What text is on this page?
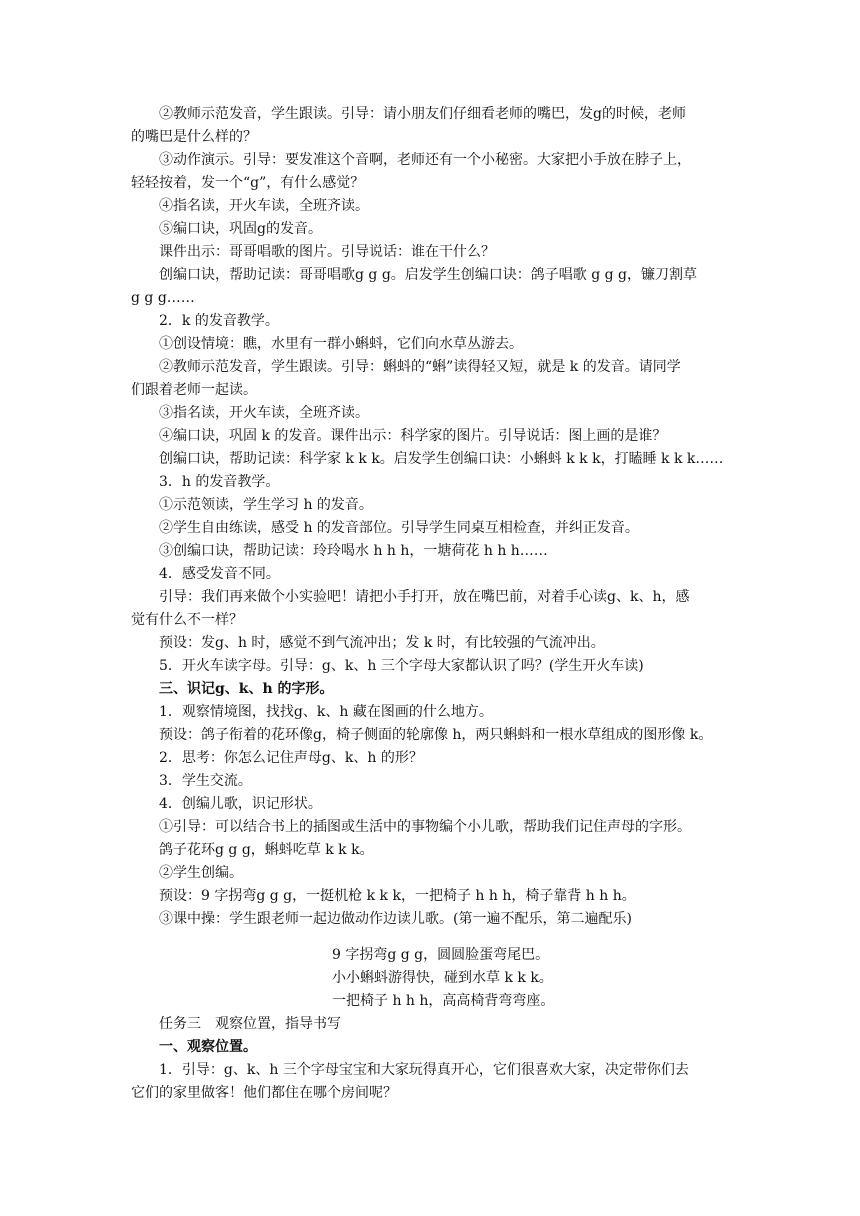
②教师示范发音，学生跟读。引导：请小朋友们仔细看老师的嘴巴，发g的时候，老师
的嘴巴是什么样的？
③动作演示。引导：要发准这个音啊，老师还有一个小秘密。大家把小手放在脖子上，
轻轻按着，发一个“g”，有什么感觉？
④指名读，开火车读，全班齐读。
⑤编口诀，巩固g的发音。
课件出示：哥哥唱歌的图片。引导说话：谁在干什么？
创编口诀，帮助记读：哥哥唱歌g g g。启发学生创编口诀：鸽子唱歌 g g g，镰刀割草
g g g……
2．k 的发音教学。
①创设情境：瞧，水里有一群小蝌蚪，它们向水草丛游去。
②教师示范发音，学生跟读。引导：蝌蚪的“蝌”读得轻又短，就是 k 的发音。请同学
们跟着老师一起读。
③指名读，开火车读，全班齐读。
④编口诀，巩固 k 的发音。课件出示：科学家的图片。引导说话：图上画的是谁？
创编口诀，帮助记读：科学家 k k k。启发学生创编口诀：小蝌蚪 k k k，打瞌睡 k k k……
3．h 的发音教学。
①示范领读，学生学习 h 的发音。
②学生自由练读，感受 h 的发音部位。引导学生同桌互相检查，并纠正发音。
③创编口诀，帮助记读：玲玲喝水 h h h，一塘荷花 h h h……
4．感受发音不同。
引导：我们再来做个小实验吧！请把小手打开，放在嘴巴前，对着手心读g、k、h，感
觉有什么不一样？
预设：发g、h 时，感觉不到气流冲出；发 k 时，有比较强的气流冲出。
5．开火车读字母。引导：g、k、h 三个字母大家都认识了吗？(学生开火车读)
三、识记g、k、h 的字形。
1．观察情境图，找找g、k、h 藏在图画的什么地方。
预设：鸽子衔着的花环像g，椅子侧面的轮廓像 h，两只蝌蚪和一根水草组成的图形像 k。
2．思考：你怎么记住声母g、k、h 的形？
3．学生交流。
4．创编儿歌，识记形状。
①引导：可以结合书上的插图或生活中的事物编个小儿歌，帮助我们记住声母的字形。
鸽子花环g g g，蝌蚪吃草 k k k。
②学生创编。
预设：9 字拐弯g g g，一挺机枪 k k k，一把椅子 h h h，椅子靠背 h h h。
③课中操：学生跟老师一起边做动作边读儿歌。(第一遍不配乐，第二遍配乐)
9 字拐弯g g g，圆圆脸蛋弯尾巴。
小小蝌蚪游得快，碰到水草 k k k。
一把椅子 h h h，高高椅背弯弯座。
任务三　观察位置，指导书写
一、观察位置。
1．引导：g、k、h 三个字母宝宝和大家玩得真开心，它们很喜欢大家，决定带你们去
它们的家里做客！他们都住在哪个房间呢？
